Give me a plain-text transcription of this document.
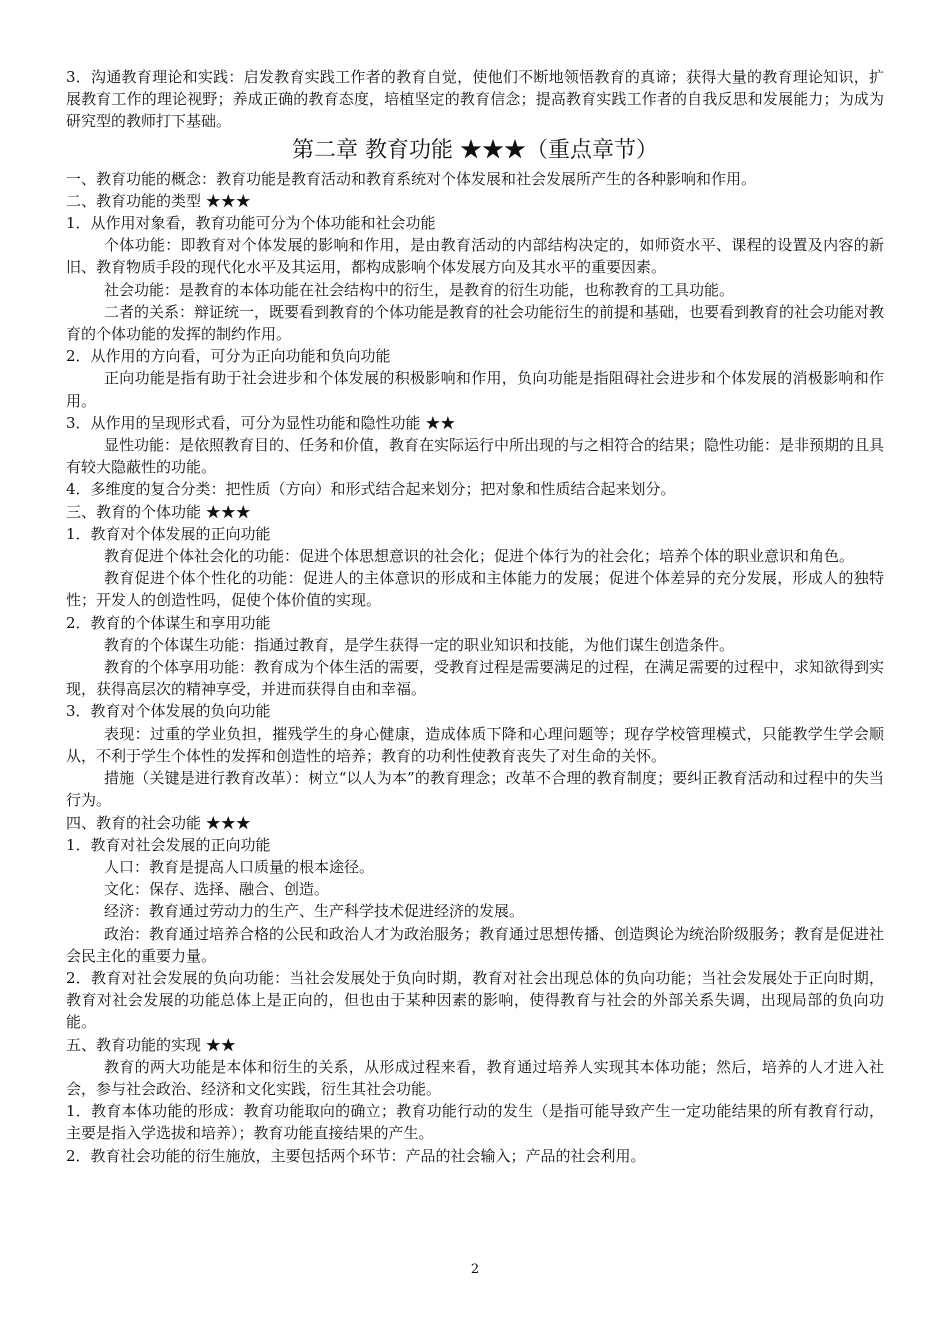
3．沟通教育理论和实践：启发教育实践工作者的教育自觉，使他们不断地领悟教育的真谛；获得大量的教育理论知识，扩展教育工作的理论视野；养成正确的教育态度，培植坚定的教育信念；提高教育实践工作者的自我反思和发展能力；为成为研究型的教师打下基础。

第二章 教育功能 ★★★（重点章节）

一、教育功能的概念：教育功能是教育活动和教育系统对个体发展和社会发展所产生的各种影响和作用。

二、教育功能的类型 ★★★

1．从作用对象看，教育功能可分为个体功能和社会功能

个体功能：即教育对个体发展的影响和作用，是由教育活动的内部结构决定的，如师资水平、课程的设置及内容的新旧、教育物质手段的现代化水平及其运用，都构成影响个体发展方向及其水平的重要因素。

社会功能：是教育的本体功能在社会结构中的衍生，是教育的衍生功能，也称教育的工具功能。

二者的关系：辩证统一，既要看到教育的个体功能是教育的社会功能衍生的前提和基础，也要看到教育的社会功能对教育的个体功能的发挥的制约作用。

2．从作用的方向看，可分为正向功能和负向功能

正向功能是指有助于社会进步和个体发展的积极影响和作用，负向功能是指阻碍社会进步和个体发展的消极影响和作用。

3．从作用的呈现形式看，可分为显性功能和隐性功能 ★★

显性功能：是依照教育目的、任务和价值，教育在实际运行中所出现的与之相符合的结果；隐性功能：是非预期的且具有较大隐蔽性的功能。

4．多维度的复合分类：把性质（方向）和形式结合起来划分；把对象和性质结合起来划分。

三、教育的个体功能 ★★★

1．教育对个体发展的正向功能

教育促进个体社会化的功能：促进个体思想意识的社会化；促进个体行为的社会化；培养个体的职业意识和角色。

教育促进个体个性化的功能：促进人的主体意识的形成和主体能力的发展；促进个体差异的充分发展，形成人的独特性；开发人的创造性吗，促使个体价值的实现。

2．教育的个体谋生和享用功能

教育的个体谋生功能：指通过教育，是学生获得一定的职业知识和技能，为他们谋生创造条件。

教育的个体享用功能：教育成为个体生活的需要，受教育过程是需要满足的过程，在满足需要的过程中，求知欲得到实现，获得高层次的精神享受，并进而获得自由和幸福。

3．教育对个体发展的负向功能

表现：过重的学业负担，摧残学生的身心健康，造成体质下降和心理问题等；现存学校管理模式，只能教学生学会顺从，不利于学生个体性的发挥和创造性的培养；教育的功利性使教育丧失了对生命的关怀。

措施（关键是进行教育改革）：树立“以人为本”的教育理念；改革不合理的教育制度；要纠正教育活动和过程中的失当行为。

四、教育的社会功能 ★★★

1．教育对社会发展的正向功能

人口：教育是提高人口质量的根本途径。

文化：保存、选择、融合、创造。

经济：教育通过劳动力的生产、生产科学技术促进经济的发展。

政治：教育通过培养合格的公民和政治人才为政治服务；教育通过思想传播、创造舆论为统治阶级服务；教育是促进社会民主化的重要力量。

2．教育对社会发展的负向功能：当社会发展处于负向时期，教育对社会出现总体的负向功能；当社会发展处于正向时期，教育对社会发展的功能总体上是正向的，但也由于某种因素的影响，使得教育与社会的外部关系失调，出现局部的负向功能。

五、教育功能的实现 ★★

教育的两大功能是本体和衍生的关系，从形成过程来看，教育通过培养人实现其本体功能；然后，培养的人才进入社会，参与社会政治、经济和文化实践，衍生其社会功能。

1．教育本体功能的形成：教育功能取向的确立；教育功能行动的发生（是指可能导致产生一定功能结果的所有教育行动，主要是指入学选拔和培养）；教育功能直接结果的产生。

2．教育社会功能的衍生施放，主要包括两个环节：产品的社会输入；产品的社会利用。

2
